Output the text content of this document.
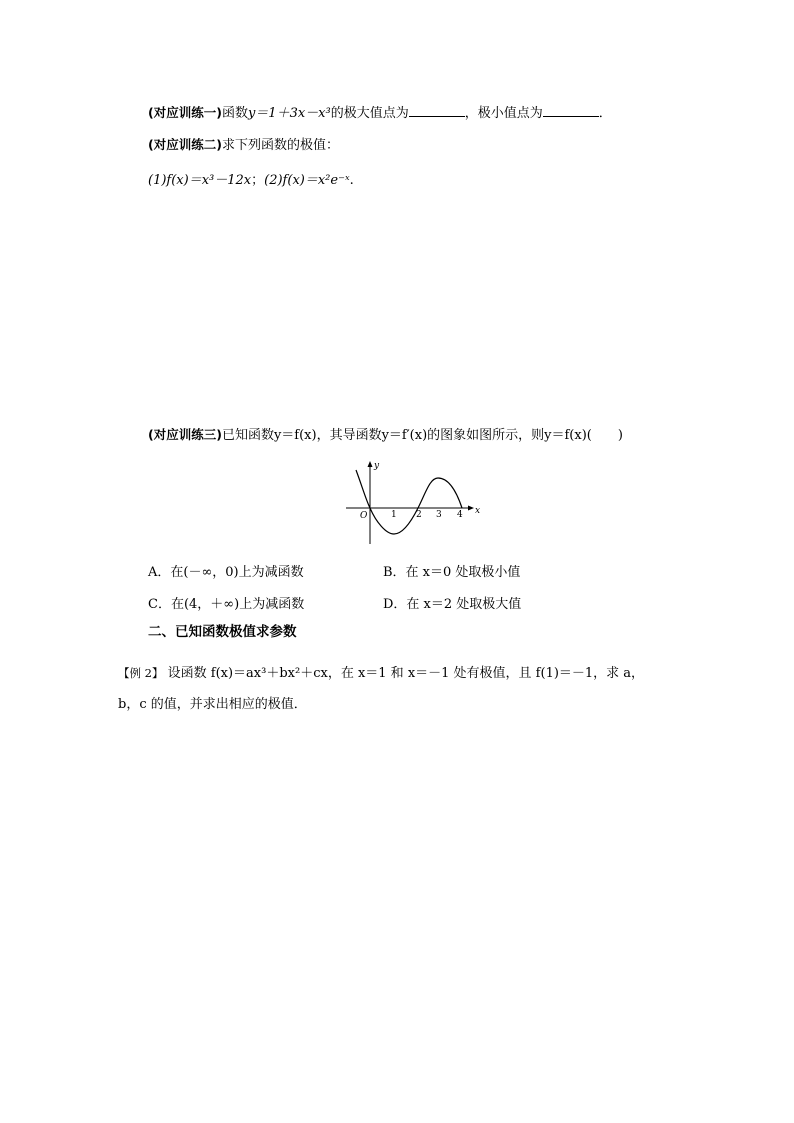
(对应训练一)函数y＝1＋3x－x³的极大值点为	，极小值点为	．
(对应训练二)求下列函数的极值：
(1)f(x)＝x³－12x；(2)f(x)＝x²e⁻ˣ.
(对应训练三)已知函数y＝f(x)，其导函数y＝f′(x)的图象如图所示，则y＝f(x)(　　)
x
y
O	1 2 3 4
A．在(－∞，0)上为减函数	B．在 x＝0 处取极小值
C．在(4，＋∞)上为减函数	D．在 x＝2 处取极大值
二、已知函数极值求参数
【例 2】 设函数 f(x)＝ax³＋bx²＋cx，在 x＝1 和 x＝－1 处有极值，且 f(1)＝－1，求 a，
b，c 的值，并求出相应的极值．
